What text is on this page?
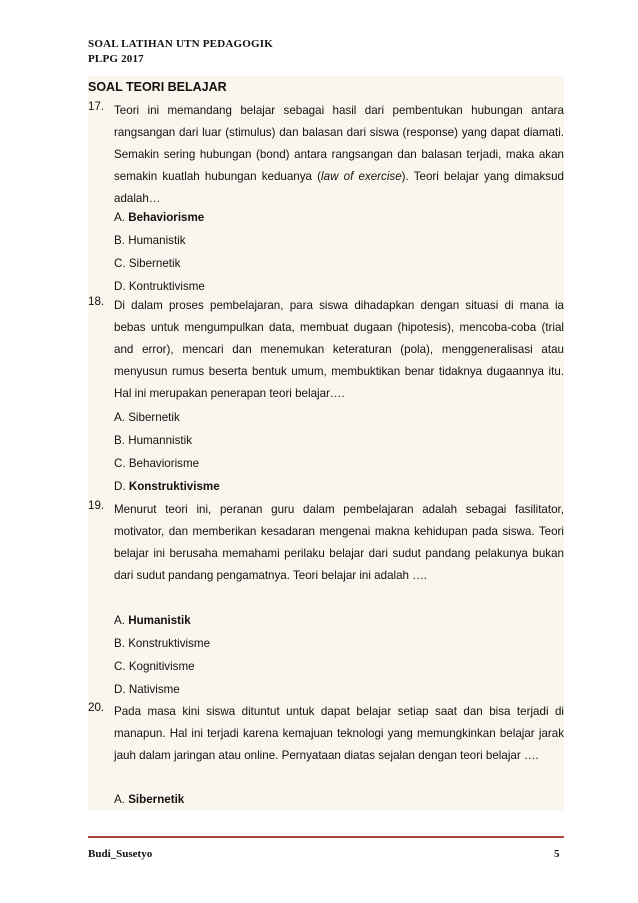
SOAL LATIHAN UTN PEDAGOGIK
PLPG 2017
SOAL TEORI BELAJAR
17. Teori ini memandang belajar sebagai hasil dari pembentukan hubungan antara rangsangan dari luar (stimulus) dan balasan dari siswa (response) yang dapat diamati. Semakin sering hubungan (bond) antara rangsangan dan balasan terjadi, maka akan semakin kuatlah hubungan keduanya (law of exercise). Teori belajar yang dimaksud adalah…
A. Behaviorisme
B. Humanistik
C. Sibernetik
D. Kontruktivisme
18. Di dalam proses pembelajaran, para siswa dihadapkan dengan situasi di mana ia bebas untuk mengumpulkan data, membuat dugaan (hipotesis), mencoba-coba (trial and error), mencari dan menemukan keteraturan (pola), menggeneralisasi atau menyusun rumus beserta bentuk umum, membuktikan benar tidaknya dugaannya itu. Hal ini merupakan penerapan teori belajar….
A. Sibernetik
B. Humannistik
C. Behaviorisme
D. Konstruktivisme
19. Menurut teori ini, peranan guru dalam pembelajaran adalah sebagai fasilitator, motivator, dan memberikan kesadaran mengenai makna kehidupan pada siswa. Teori belajar ini berusaha memahami perilaku belajar dari sudut pandang pelakunya bukan dari sudut pandang pengamatnya. Teori belajar ini adalah ….
A. Humanistik
B. Konstruktivisme
C. Kognitivisme
D. Nativisme
20. Pada masa kini siswa dituntut untuk dapat belajar setiap saat dan bisa terjadi di manapun. Hal ini terjadi karena kemajuan teknologi yang memungkinkan belajar jarak jauh dalam jaringan atau online. Pernyataan diatas sejalan dengan teori belajar ….
A. Sibernetik
Budi_Susetyo	5
